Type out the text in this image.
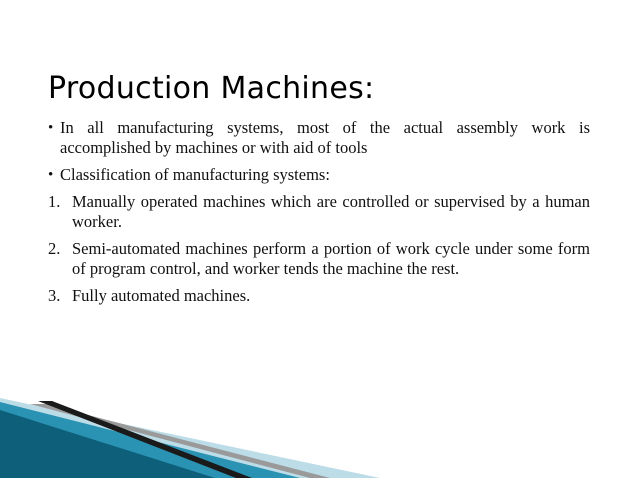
Production Machines:
• In all manufacturing systems, most of the actual assembly work is accomplished by machines or with aid of tools
• Classification of manufacturing systems:
1. Manually operated machines which are controlled or supervised by a human worker.
2. Semi-automated machines perform a portion of work cycle under some form of program control, and worker tends the machine the rest.
3. Fully automated machines.
